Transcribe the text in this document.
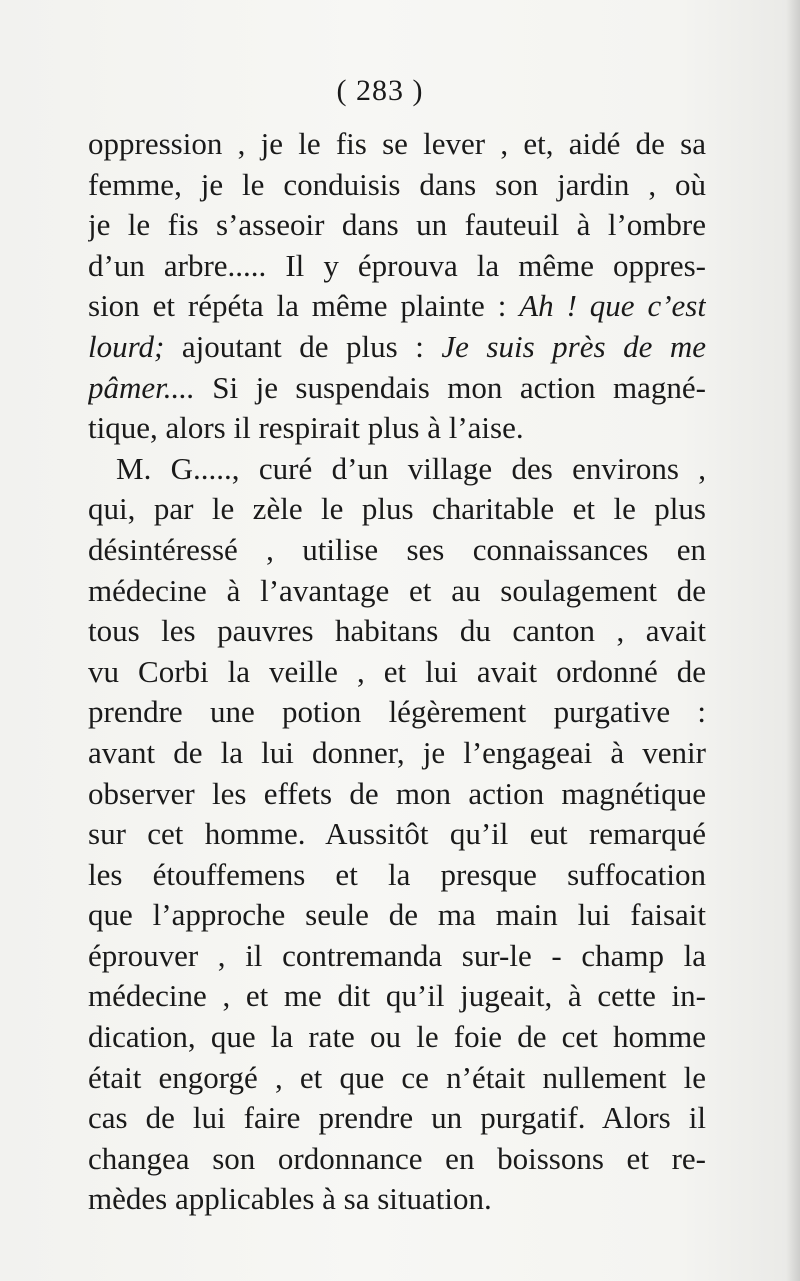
( 283 )
oppression , je le fis se lever , et, aidé de sa
femme, je le conduisis dans son jardin , où
je le fis s’asseoir dans un fauteuil à l’ombre
d’un arbre..... Il y éprouva la même oppres-
sion et répéta la même plainte : Ah ! que c’est
lourd; ajoutant de plus : Je suis près de me
pâmer.... Si je suspendais mon action magné-
tique, alors il respirait plus à l’aise.
M. G....., curé d’un village des environs ,
qui, par le zèle le plus charitable et le plus
désintéressé , utilise ses connaissances en
médecine à l’avantage et au soulagement de
tous les pauvres habitans du canton , avait
vu Corbi la veille , et lui avait ordonné de
prendre une potion légèrement purgative :
avant de la lui donner, je l’engageai à venir
observer les effets de mon action magnétique
sur cet homme. Aussitôt qu’il eut remarqué
les étouffemens et la presque suffocation
que l’approche seule de ma main lui faisait
éprouver , il contremanda sur-le - champ la
médecine , et me dit qu’il jugeait, à cette in-
dication, que la rate ou le foie de cet homme
était engorgé , et que ce n’était nullement le
cas de lui faire prendre un purgatif. Alors il
changea son ordonnance en boissons et re-
mèdes applicables à sa situation.
